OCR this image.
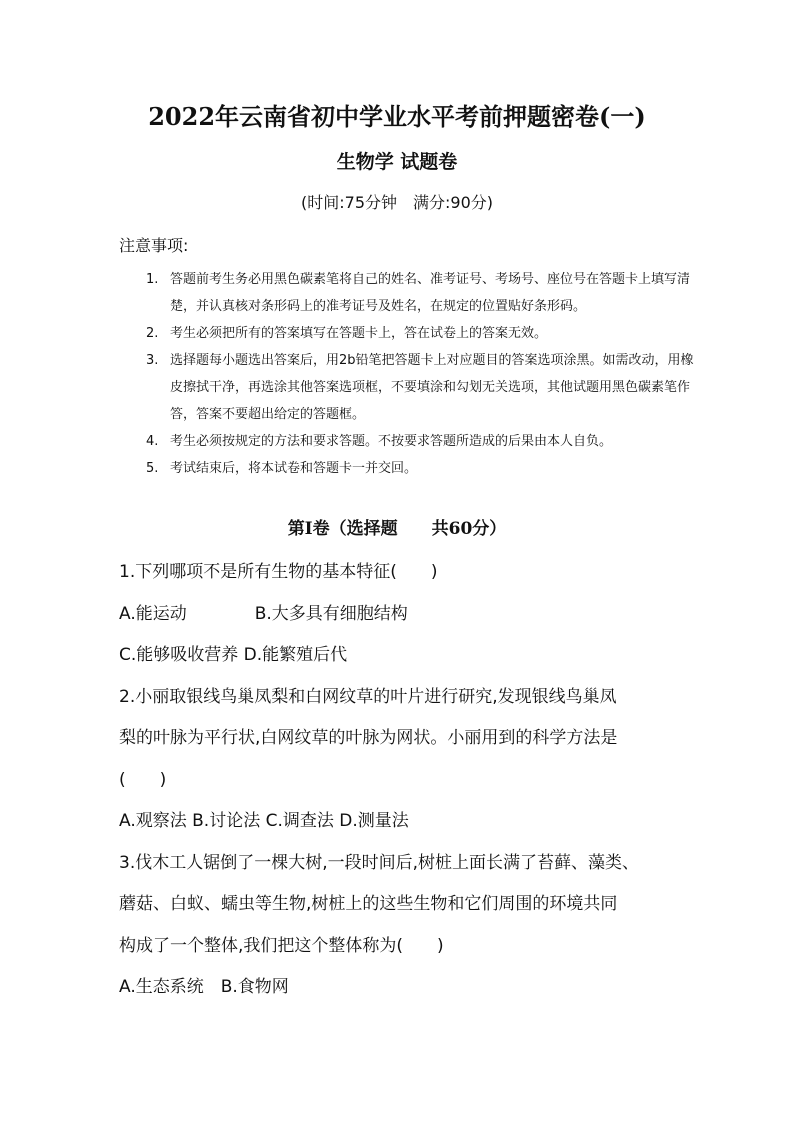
2022年云南省初中学业水平考前押题密卷(一)
生物学 试题卷
(时间:75分钟　满分:90分)
注意事项:
1. 答题前考生务必用黑色碳素笔将自己的姓名、准考证号、考场号、座位号在答题卡上填写清楚，并认真核对条形码上的准考证号及姓名，在规定的位置贴好条形码。
2. 考生必须把所有的答案填写在答题卡上，答在试卷上的答案无效。
3. 选择题每小题选出答案后，用2b铅笔把答题卡上对应题目的答案选项涂黑。如需改动，用橡皮擦拭干净，再选涂其他答案选项框，不要填涂和勾划无关选项，其他试题用黑色碳素笔作答，答案不要超出给定的答题框。
4. 考生必须按规定的方法和要求答题。不按要求答题所造成的后果由本人自负。
5. 考试结束后，将本试卷和答题卡一并交回。
第Ⅰ卷（选择题　　共60分）
1.下列哪项不是所有生物的基本特征(　　)
A.能运动　　　　B.大多具有细胞结构
C.能够吸收营养 D.能繁殖后代
2.小丽取银线鸟巢凤梨和白网纹草的叶片进行研究,发现银线鸟巢凤
梨的叶脉为平行状,白网纹草的叶脉为网状。小丽用到的科学方法是
(　　)
A.观察法 B.讨论法 C.调查法 D.测量法
3.伐木工人锯倒了一棵大树,一段时间后,树桩上面长满了苔藓、藻类、
蘑菇、白蚁、蠕虫等生物,树桩上的这些生物和它们周围的环境共同
构成了一个整体,我们把这个整体称为(　　)
A.生态系统　B.食物网
